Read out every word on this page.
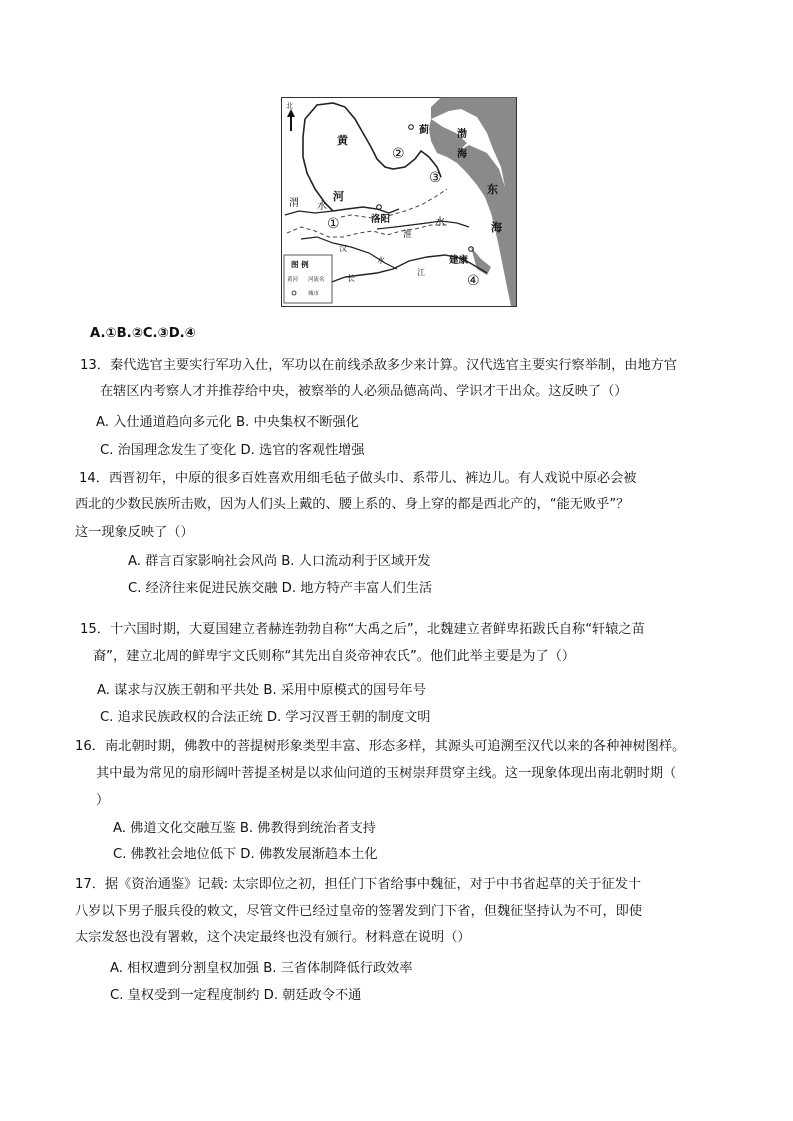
北
黄
河
蓟	渤
海
东
海
渭 水
洛阳
淮
水
汉
水
长
江
建康
①
②
③
④
图 例
黄河 河流名
城市
A.①B.②C.③D.④
13．秦代选官主要实行军功入仕，军功以在前线杀敌多少来计算。汉代选官主要实行察举制，由地方官
在辖区内考察人才并推荐给中央，被察举的人必须品德高尚、学识才干出众。这反映了（）
A. 入仕通道趋向多元化 B. 中央集权不断强化
C. 治国理念发生了变化 D. 选官的客观性增强
14．西晋初年，中原的很多百姓喜欢用细毛毡子做头巾、系带儿、裤边儿。有人戏说中原必会被
西北的少数民族所击败，因为人们头上戴的、腰上系的、身上穿的都是西北产的，“能无败乎”？
这一现象反映了（）
A. 群言百家影响社会风尚 B. 人口流动利于区域开发
C. 经济往来促进民族交融 D. 地方特产丰富人们生活
15．十六国时期，大夏国建立者赫连勃勃自称“大禹之后”，北魏建立者鲜卑拓跋氏自称“轩辕之苗
裔”，建立北周的鲜卑宇文氏则称“其先出自炎帝神农氏”。他们此举主要是为了（）
A. 谋求与汉族王朝和平共处 B. 采用中原模式的国号年号
C. 追求民族政权的合法正统 D. 学习汉晋王朝的制度文明
16．南北朝时期，佛教中的菩提树形象类型丰富、形态多样，其源头可追溯至汉代以来的各种神树图样。
其中最为常见的扇形阔叶菩提圣树是以求仙问道的玉树崇拜贯穿主线。这一现象体现出南北朝时期（
）
A. 佛道文化交融互鉴 B. 佛教得到统治者支持
C. 佛教社会地位低下 D. 佛教发展渐趋本土化
17．据《资治通鉴》记载: 太宗即位之初，担任门下省给事中魏征，对于中书省起草的关于征发十
八岁以下男子服兵役的敕文，尽管文件已经过皇帝的签署发到门下省，但魏征坚持认为不可，即使
太宗发怒也没有署敕，这个决定最终也没有颁行。材料意在说明（）
A. 相权遭到分割皇权加强 B. 三省体制降低行政效率
C. 皇权受到一定程度制约 D. 朝廷政令不通
